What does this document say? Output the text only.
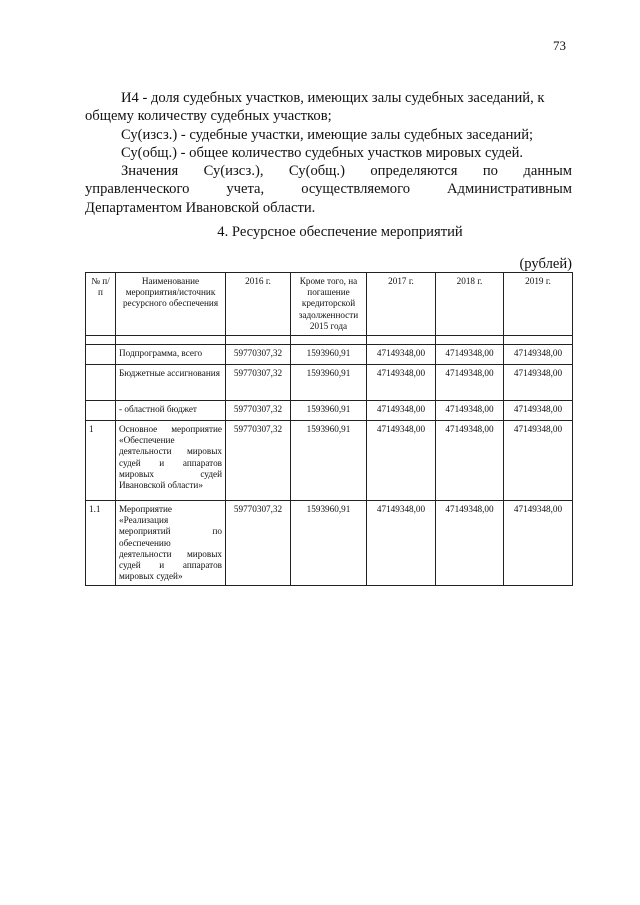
73

И4 - доля судебных участков, имеющих залы судебных заседаний, к общему количеству судебных участков;

Су(изсз.) - судебные участки, имеющие залы судебных заседаний;

Су(общ.) - общее количество судебных участков мировых судей.

Значения Су(изсз.), Су(общ.) определяются по данным
управленческого учета, осуществляемого Административным
Департаментом Ивановской области.
4. Ресурсное обеспечение мероприятий
(рублей)
№ п/п	Наименование мероприятия/источник ресурсного обеспечения	2016 г.	Кроме того, на погашение кредиторской задолженности 2015 года	2017 г.	2018 г.	2019 г.

	Подпрограмма, всего	59770307,32	1593960,91	47149348,00	47149348,00	47149348,00
	Бюджетные ассигнования	59770307,32	1593960,91	47149348,00	47149348,00	47149348,00
	- областной бюджет	59770307,32	1593960,91	47149348,00	47149348,00	47149348,00
1	Основное мероприятие «Обеспечение деятельности мировых судей и аппаратов мировых судей Ивановской области»	59770307,32	1593960,91	47149348,00	47149348,00	47149348,00
1.1	Мероприятие «Реализация мероприятий по обеспечению деятельности мировых судей и аппаратов мировых судей»	59770307,32	1593960,91	47149348,00	47149348,00	47149348,00
